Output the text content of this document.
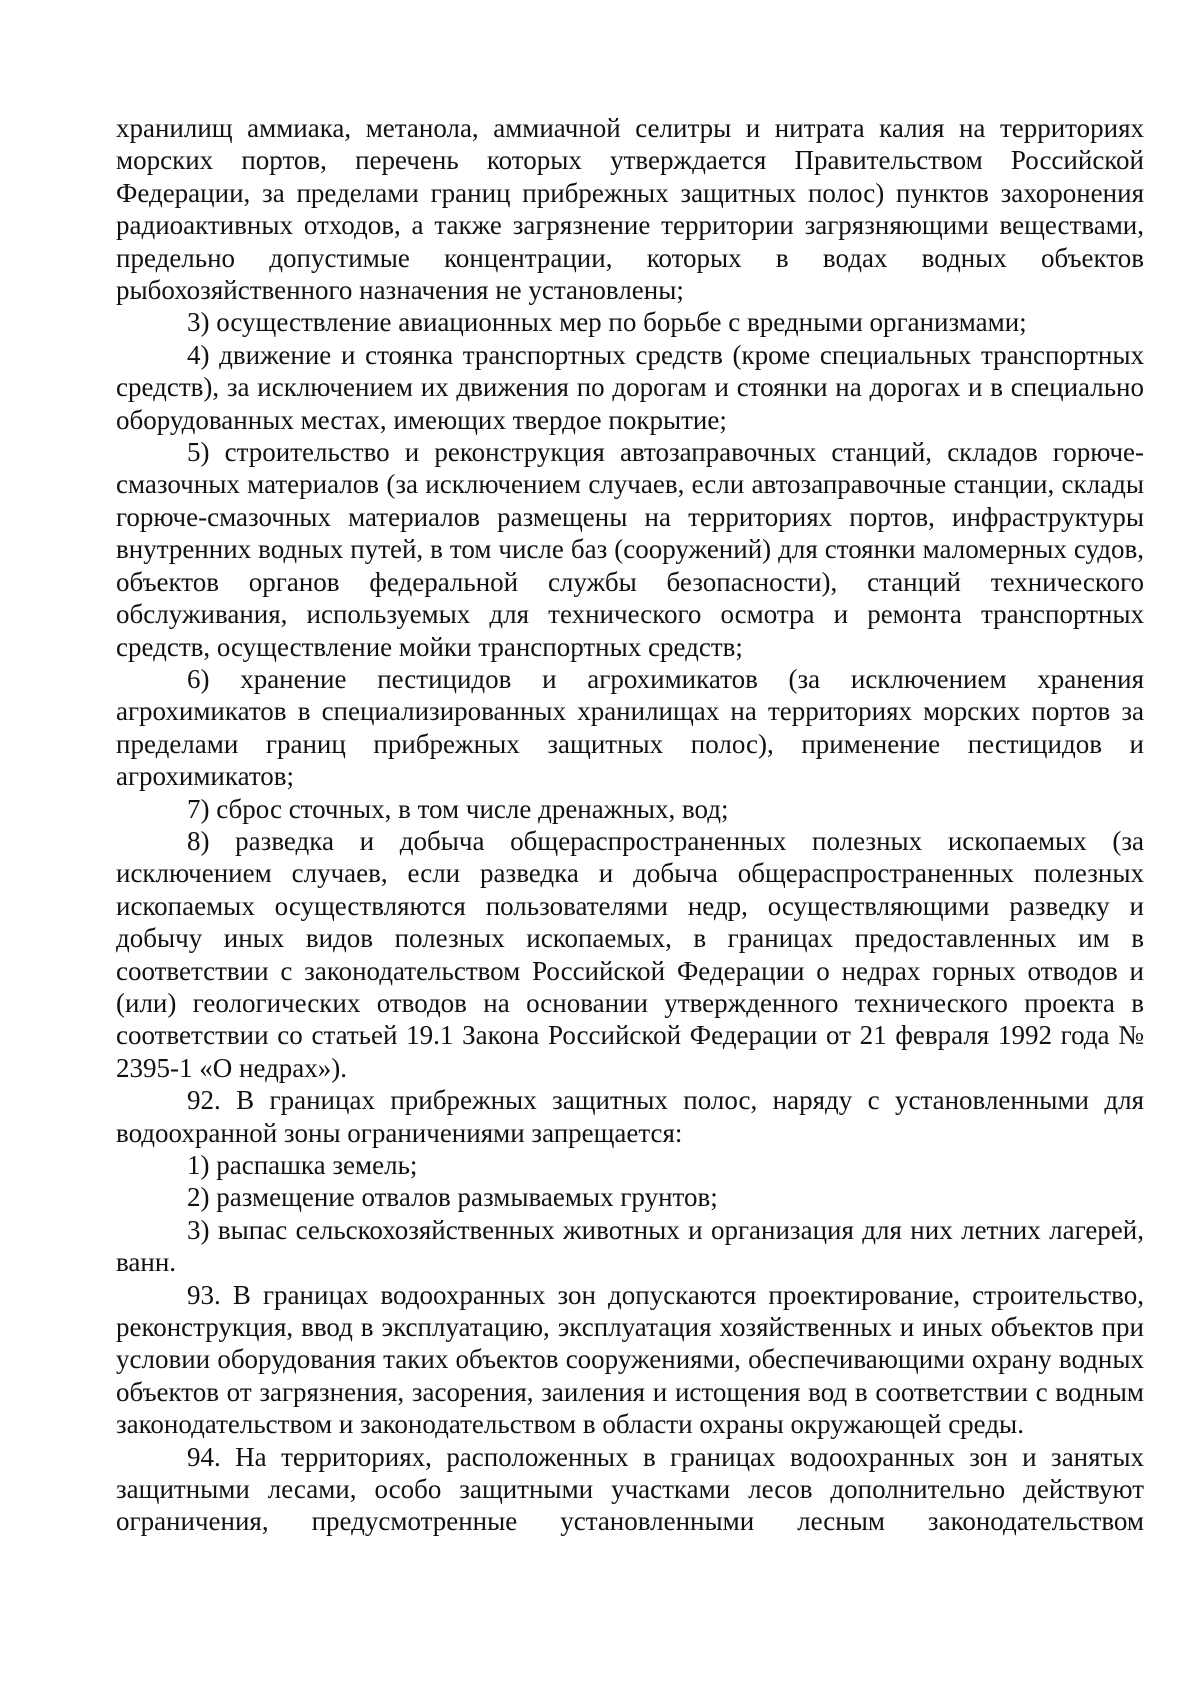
хранилищ аммиака, метанола, аммиачной селитры и нитрата калия на территориях морских портов, перечень которых утверждается Правительством Российской Федерации, за пределами границ прибрежных защитных полос) пунктов захоронения радиоактивных отходов, а также загрязнение территории загрязняющими веществами, предельно допустимые концентрации, которых в водах водных объектов рыбохозяйственного назначения не установлены;

3) осуществление авиационных мер по борьбе с вредными организмами;

4) движение и стоянка транспортных средств (кроме специальных транспортных средств), за исключением их движения по дорогам и стоянки на дорогах и в специально оборудованных местах, имеющих твердое покрытие;

5) строительство и реконструкция автозаправочных станций, складов горюче-смазочных материалов (за исключением случаев, если автозаправочные станции, склады горюче-смазочных материалов размещены на территориях портов, инфраструктуры внутренних водных путей, в том числе баз (сооружений) для стоянки маломерных судов, объектов органов федеральной службы безопасности), станций технического обслуживания, используемых для технического осмотра и ремонта транспортных средств, осуществление мойки транспортных средств;

6) хранение пестицидов и агрохимикатов (за исключением хранения агрохимикатов в специализированных хранилищах на территориях морских портов за пределами границ прибрежных защитных полос), применение пестицидов и агрохимикатов;

7) сброс сточных, в том числе дренажных, вод;

8) разведка и добыча общераспространенных полезных ископаемых (за исключением случаев, если разведка и добыча общераспространенных полезных ископаемых осуществляются пользователями недр, осуществляющими разведку и добычу иных видов полезных ископаемых, в границах предоставленных им в соответствии с законодательством Российской Федерации о недрах горных отводов и (или) геологических отводов на основании утвержденного технического проекта в соответствии со статьей 19.1 Закона Российской Федерации от 21 февраля 1992 года № 2395-1 «О недрах»).

92. В границах прибрежных защитных полос, наряду с установленными для водоохранной зоны ограничениями запрещается:

1) распашка земель;

2) размещение отвалов размываемых грунтов;

3) выпас сельскохозяйственных животных и организация для них летних лагерей, ванн.

93. В границах водоохранных зон допускаются проектирование, строительство, реконструкция, ввод в эксплуатацию, эксплуатация хозяйственных и иных объектов при условии оборудования таких объектов сооружениями, обеспечивающими охрану водных объектов от загрязнения, засорения, заиления и истощения вод в соответствии с водным законодательством и законодательством в области охраны окружающей среды.

94. На территориях, расположенных в границах водоохранных зон и занятых защитными лесами, особо защитными участками лесов дополнительно действуют ограничения, предусмотренные установленными лесным законодательством
